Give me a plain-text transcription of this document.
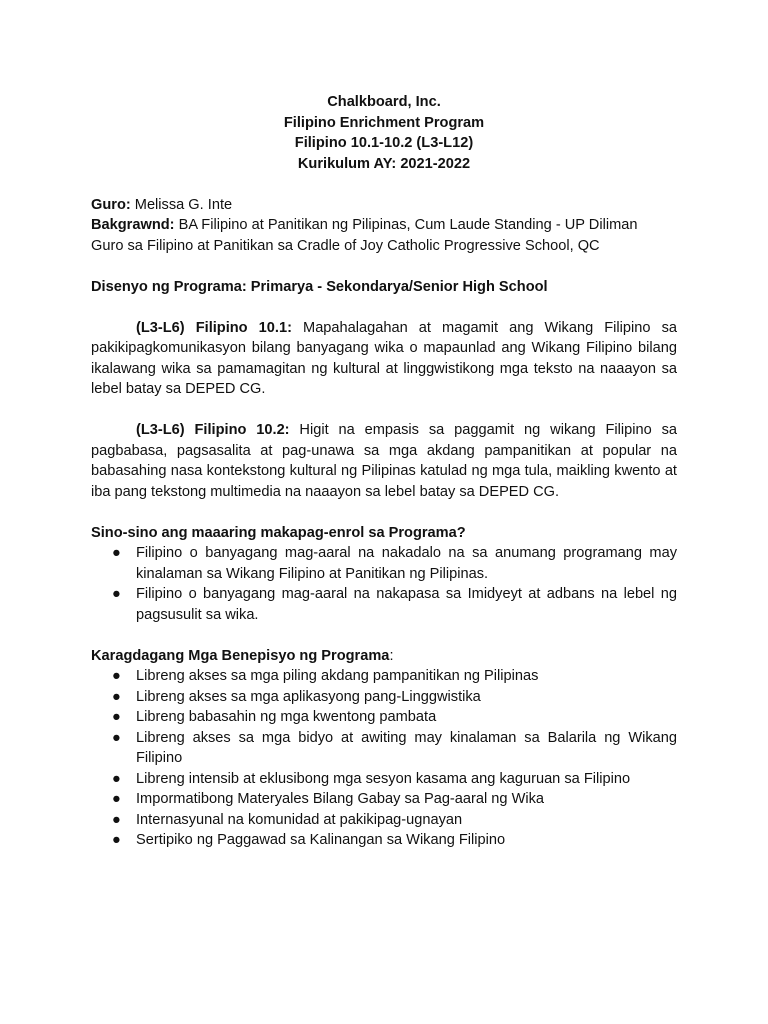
Chalkboard, Inc.
Filipino Enrichment Program
Filipino 10.1-10.2 (L3-L12)
Kurikulum AY: 2021-2022

Guro: Melissa G. Inte

Bakgrawnd: BA Filipino at Panitikan ng Pilipinas, Cum Laude Standing - UP Diliman

Guro sa Filipino at Panitikan sa Cradle of Joy Catholic Progressive School, QC

Disenyo ng Programa: Primarya - Sekondarya/Senior High School

(L3-L6) Filipino 10.1: Mapahalagahan at magamit ang Wikang Filipino sa pakikipagkomunikasyon bilang banyagang wika o mapaunlad ang Wikang Filipino bilang ikalawang wika sa pamamagitan ng kultural at linggwistikong mga teksto na naaayon sa lebel batay sa DEPED CG.

(L3-L6) Filipino 10.2: Higit na empasis sa paggamit ng wikang Filipino sa pagbabasa, pagsasalita at pag-unawa sa mga akdang pampanitikan at popular na babasahing nasa kontekstong kultural ng Pilipinas katulad ng mga tula, maikling kwento at iba pang tekstong multimedia na naaayon sa lebel batay sa DEPED CG.

Sino-sino ang maaaring makapag-enrol sa Programa?

● Filipino o banyagang mag-aaral na nakadalo na sa anumang programang may kinalaman sa Wikang Filipino at Panitikan ng Pilipinas.
● Filipino o banyagang mag-aaral na nakapasa sa Imidyeyt at adbans na lebel ng pagsusulit sa wika.

Karagdagang Mga Benepisyo ng Programa:

● Libreng akses sa mga piling akdang pampanitikan ng Pilipinas
● Libreng akses sa mga aplikasyong pang-Linggwistika
● Libreng babasahin ng mga kwentong pambata
● Libreng akses sa mga bidyo at awiting may kinalaman sa Balarila ng Wikang Filipino
● Libreng intensib at eklusibong mga sesyon kasama ang kaguruan sa Filipino
● Impormatibong Materyales Bilang Gabay sa Pag-aaral ng Wika
● Internasyunal na komunidad at pakikipag-ugnayan
● Sertipiko ng Paggawad sa Kalinangan sa Wikang Filipino
